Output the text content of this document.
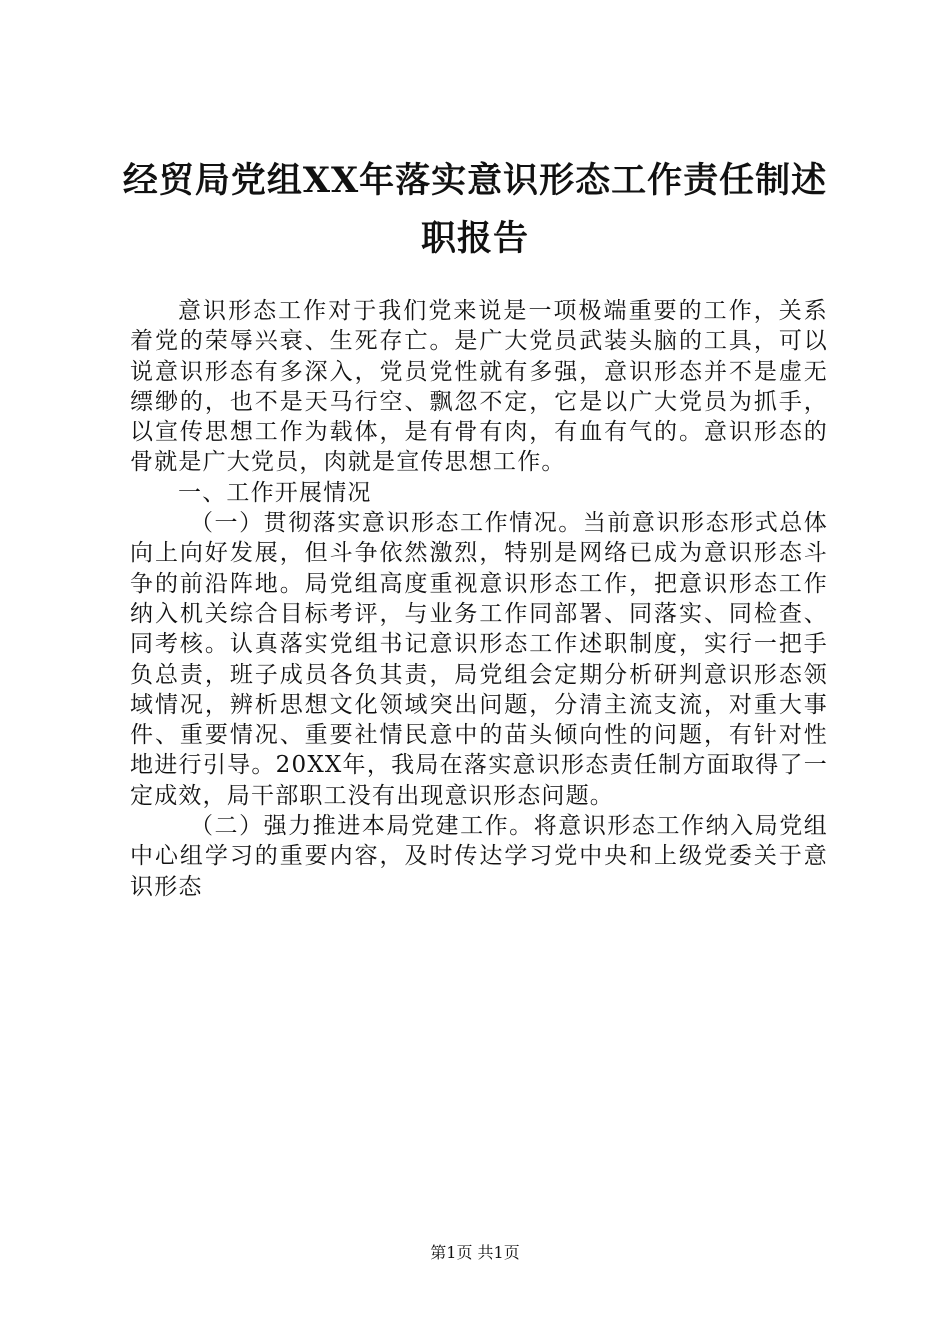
经贸局党组XX年落实意识形态工作责任制述
职报告

意识形态工作对于我们党来说是一项极端重要的工作，关系着党的荣辱兴衰、生死存亡。是广大党员武装头脑的工具，可以说意识形态有多深入，党员党性就有多强，意识形态并不是虚无缥缈的，也不是天马行空、飘忽不定，它是以广大党员为抓手，以宣传思想工作为载体，是有骨有肉，有血有气的。意识形态的骨就是广大党员，肉就是宣传思想工作。

一、工作开展情况

（一）贯彻落实意识形态工作情况。当前意识形态形式总体向上向好发展，但斗争依然激烈，特别是网络已成为意识形态斗争的前沿阵地。局党组高度重视意识形态工作，把意识形态工作纳入机关综合目标考评，与业务工作同部署、同落实、同检查、同考核。认真落实党组书记意识形态工作述职制度，实行一把手负总责，班子成员各负其责，局党组会定期分析研判意识形态领域情况，辨析思想文化领域突出问题，分清主流支流，对重大事件、重要情况、重要社情民意中的苗头倾向性的问题，有针对性地进行引导。20XX年，我局在落实意识形态责任制方面取得了一定成效，局干部职工没有出现意识形态问题。

（二）强力推进本局党建工作。将意识形态工作纳入局党组中心组学习的重要内容，及时传达学习党中央和上级党委关于意识形态

第1页 共1页
